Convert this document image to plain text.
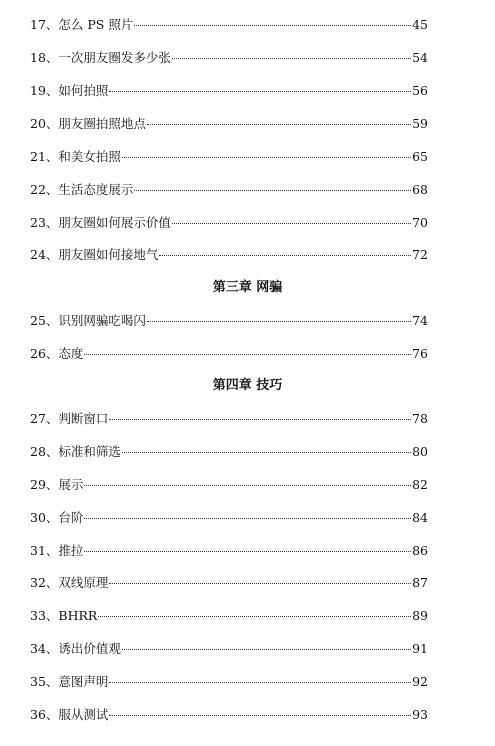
17、 怎么 PS 照片	45
18、 一次朋友圈发多少张	54
19、 如何拍照	56
20、 朋友圈拍照地点	59
21、 和美女拍照	65
22、 生活态度展示	68
23、 朋友圈如何展示价值	70
24、 朋友圈如何接地气	72
第三章 网骗
25、 识别网骗吃喝闪	74
26、 态度	76
第四章 技巧
27、 判断窗口	78
28、 标准和筛选	80
29、 展示	82
30、 台阶	84
31、 推拉	86
32、 双线原理	87
33、 BHRR	89
34、 诱出价值观	91
35、 意图声明	92
36、 服从测试	93
